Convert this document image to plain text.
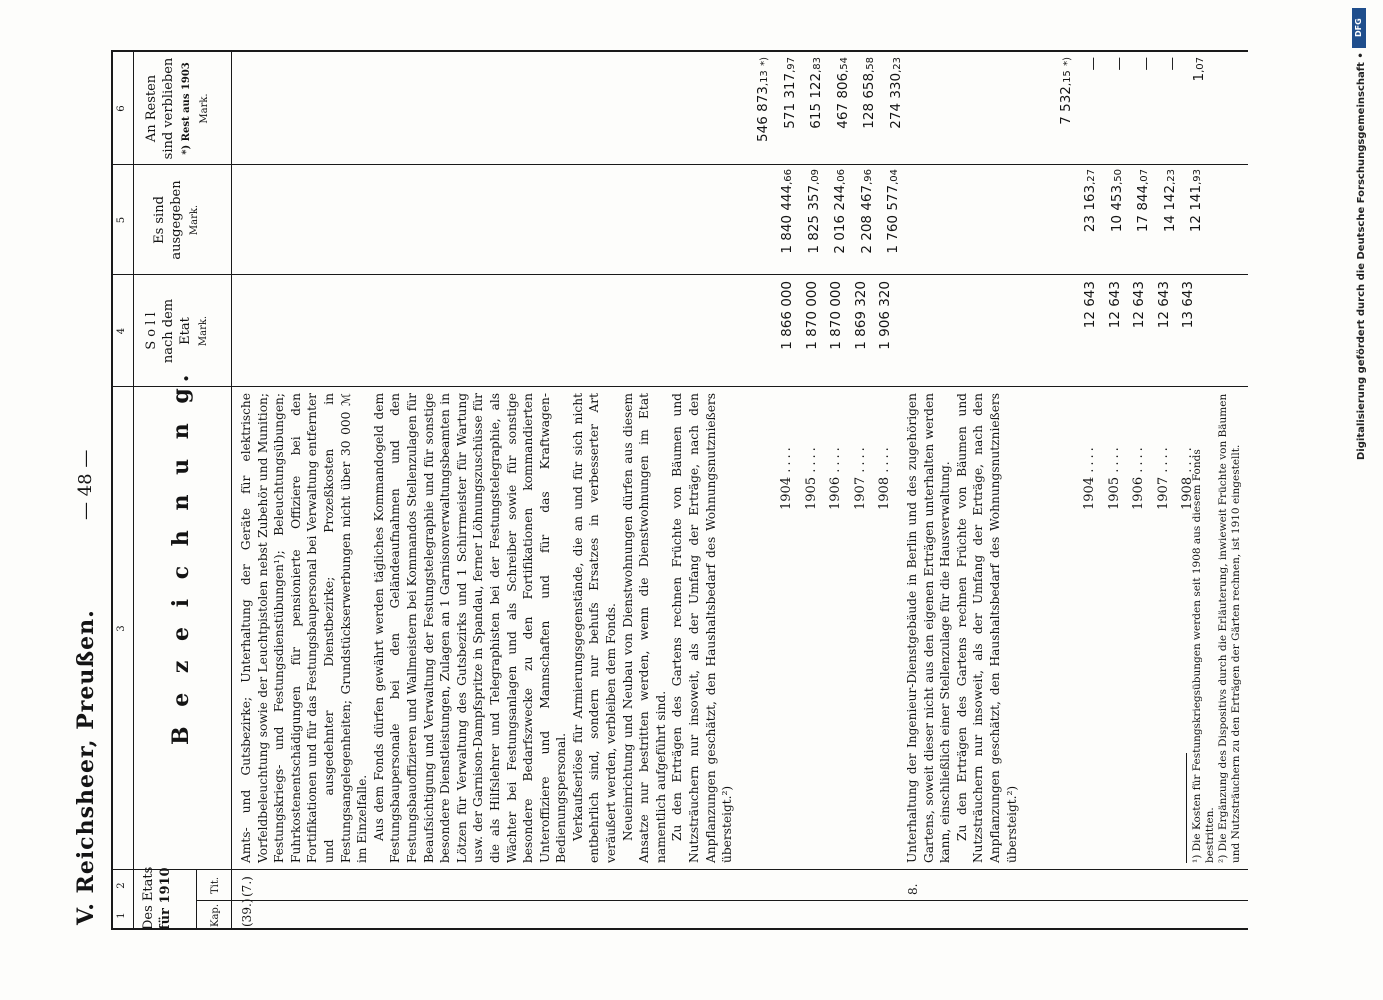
V. Reichsheer, Preußen.
— 48 —
1
2
3
4
5
6
Des Etats für 1910	Kap.
Tit.
B e z e i c h n u n g.
S o l l nach dem Etat Mark.
Es sind ausgegeben Mark.
An Resten sind verblieben *) Rest aus 1903 Mark.
(39.)
(7.)

Amts- und Gutsbezirke; Unterhaltung der Geräte für elektrische Vorfeldbeleuchtung sowie der Leuchtpistolen nebst Zubehör und Munition; Festungskriegs- und Festungsdienstübungen¹); Beleuchtungsübungen; Fuhrkostenentschädigungen für pensionierte Offiziere bei den Fortifikationen und für das Festungsbaupersonal bei Verwaltung entfernter und ausgedehnter Dienstbezirke; Prozeßkosten in Festungsangelegenheiten; Grundstückserwerbungen nicht über 30 000 ℳ im Einzelfalle. Aus dem Fonds dürfen gewährt werden tägliches Kommandogeld dem Festungsbaupersonale bei den Geländeaufnahmen und den Festungsbauoffizieren und Wallmeistern bei Kommandos Stellenzulagen für Beaufsichtigung und Verwaltung der Festungstelegraphie und für sonstige besondere Dienstleistungen, Zulagen an 1 Garnisonverwaltungsbeamten in Lötzen für Verwaltung des Gutsbezirks und 1 Schirrmeister für Wartung usw. der Garnison-Dampfspritze in Spandau, ferner Löhnungszuschüsse für die als Hilfslehrer und Telegraphisten bei der Festungstelegraphie, als Wächter bei Festungsanlagen und als Schreiber sowie für sonstige besondere Bedarfszwecke zu den Fortifikationen kommandierten Unteroffiziere und Mannschaften und für das Kraftwagen-Bedienungspersonal. Verkaufserlöse für Armierungsgegenstände, die an und für sich nicht entbehrlich sind, sondern nur behufs Ersatzes in verbesserter Art veräußert werden, verbleiben dem Fonds. Neueinrichtung und Neubau von Dienstwohnungen dürfen aus diesem Ansatze nur bestritten werden, wenn die Dienstwohnungen im Etat namentlich aufgeführt sind. Zu den Erträgen des Gartens rechnen Früchte von Bäumen und Nutzsträuchern nur insoweit, als der Umfang der Erträge, nach den Anpflanzungen geschätzt, den Haushaltsbedarf des Wohnungsnutznießers übersteigt.²)

1904 ....
1905 ....
1906 ....
1907 ....
1908 ....
1 866 000 1 870 000 1 870 000 1 869 320 1 906 320
1 840 444,66
1 825 357,09
2 016 244,06
2 208 467,96
1 760 577,04
546 873,13 *)
571 317,97
615 122,83
467 806,54
128 658,58
274 330,23
8.

Unterhaltung der Ingenieur-Dienstgebäude in Berlin und des zugehörigen Gartens, soweit dieser nicht aus den eigenen Erträgen unterhalten werden kann, einschließlich einer Stellenzulage für die Hausverwaltung. Zu den Erträgen des Gartens rechnen Früchte von Bäumen und Nutzsträuchern nur insoweit, als der Umfang der Erträge, nach den Anpflanzungen geschätzt, den Haushaltsbedarf des Wohnungsnutznießers übersteigt.²)

1904 ....
1905 ....
1906 ....
1907 ....
1908 ....
12 643 12 643 12 643 12 643 13 643
23 163,27
10 453,50
17 844,07
14 142,23
12 141,93
7 532,15 *) — — — —
1,07

¹) Die Kosten für Festungskriegsübungen werden seit 1908 aus diesem Fonds bestritten. ²) Die Ergänzung des Dispositivs durch die Erläuterung, inwieweit Früchte von Bäumen und Nutzsträuchern zu den Erträgen der Gärten rechnen, ist 1910 eingestellt.

DFG
Digitalisierung gefördert durch die Deutsche Forschungsgemeinschaft •
